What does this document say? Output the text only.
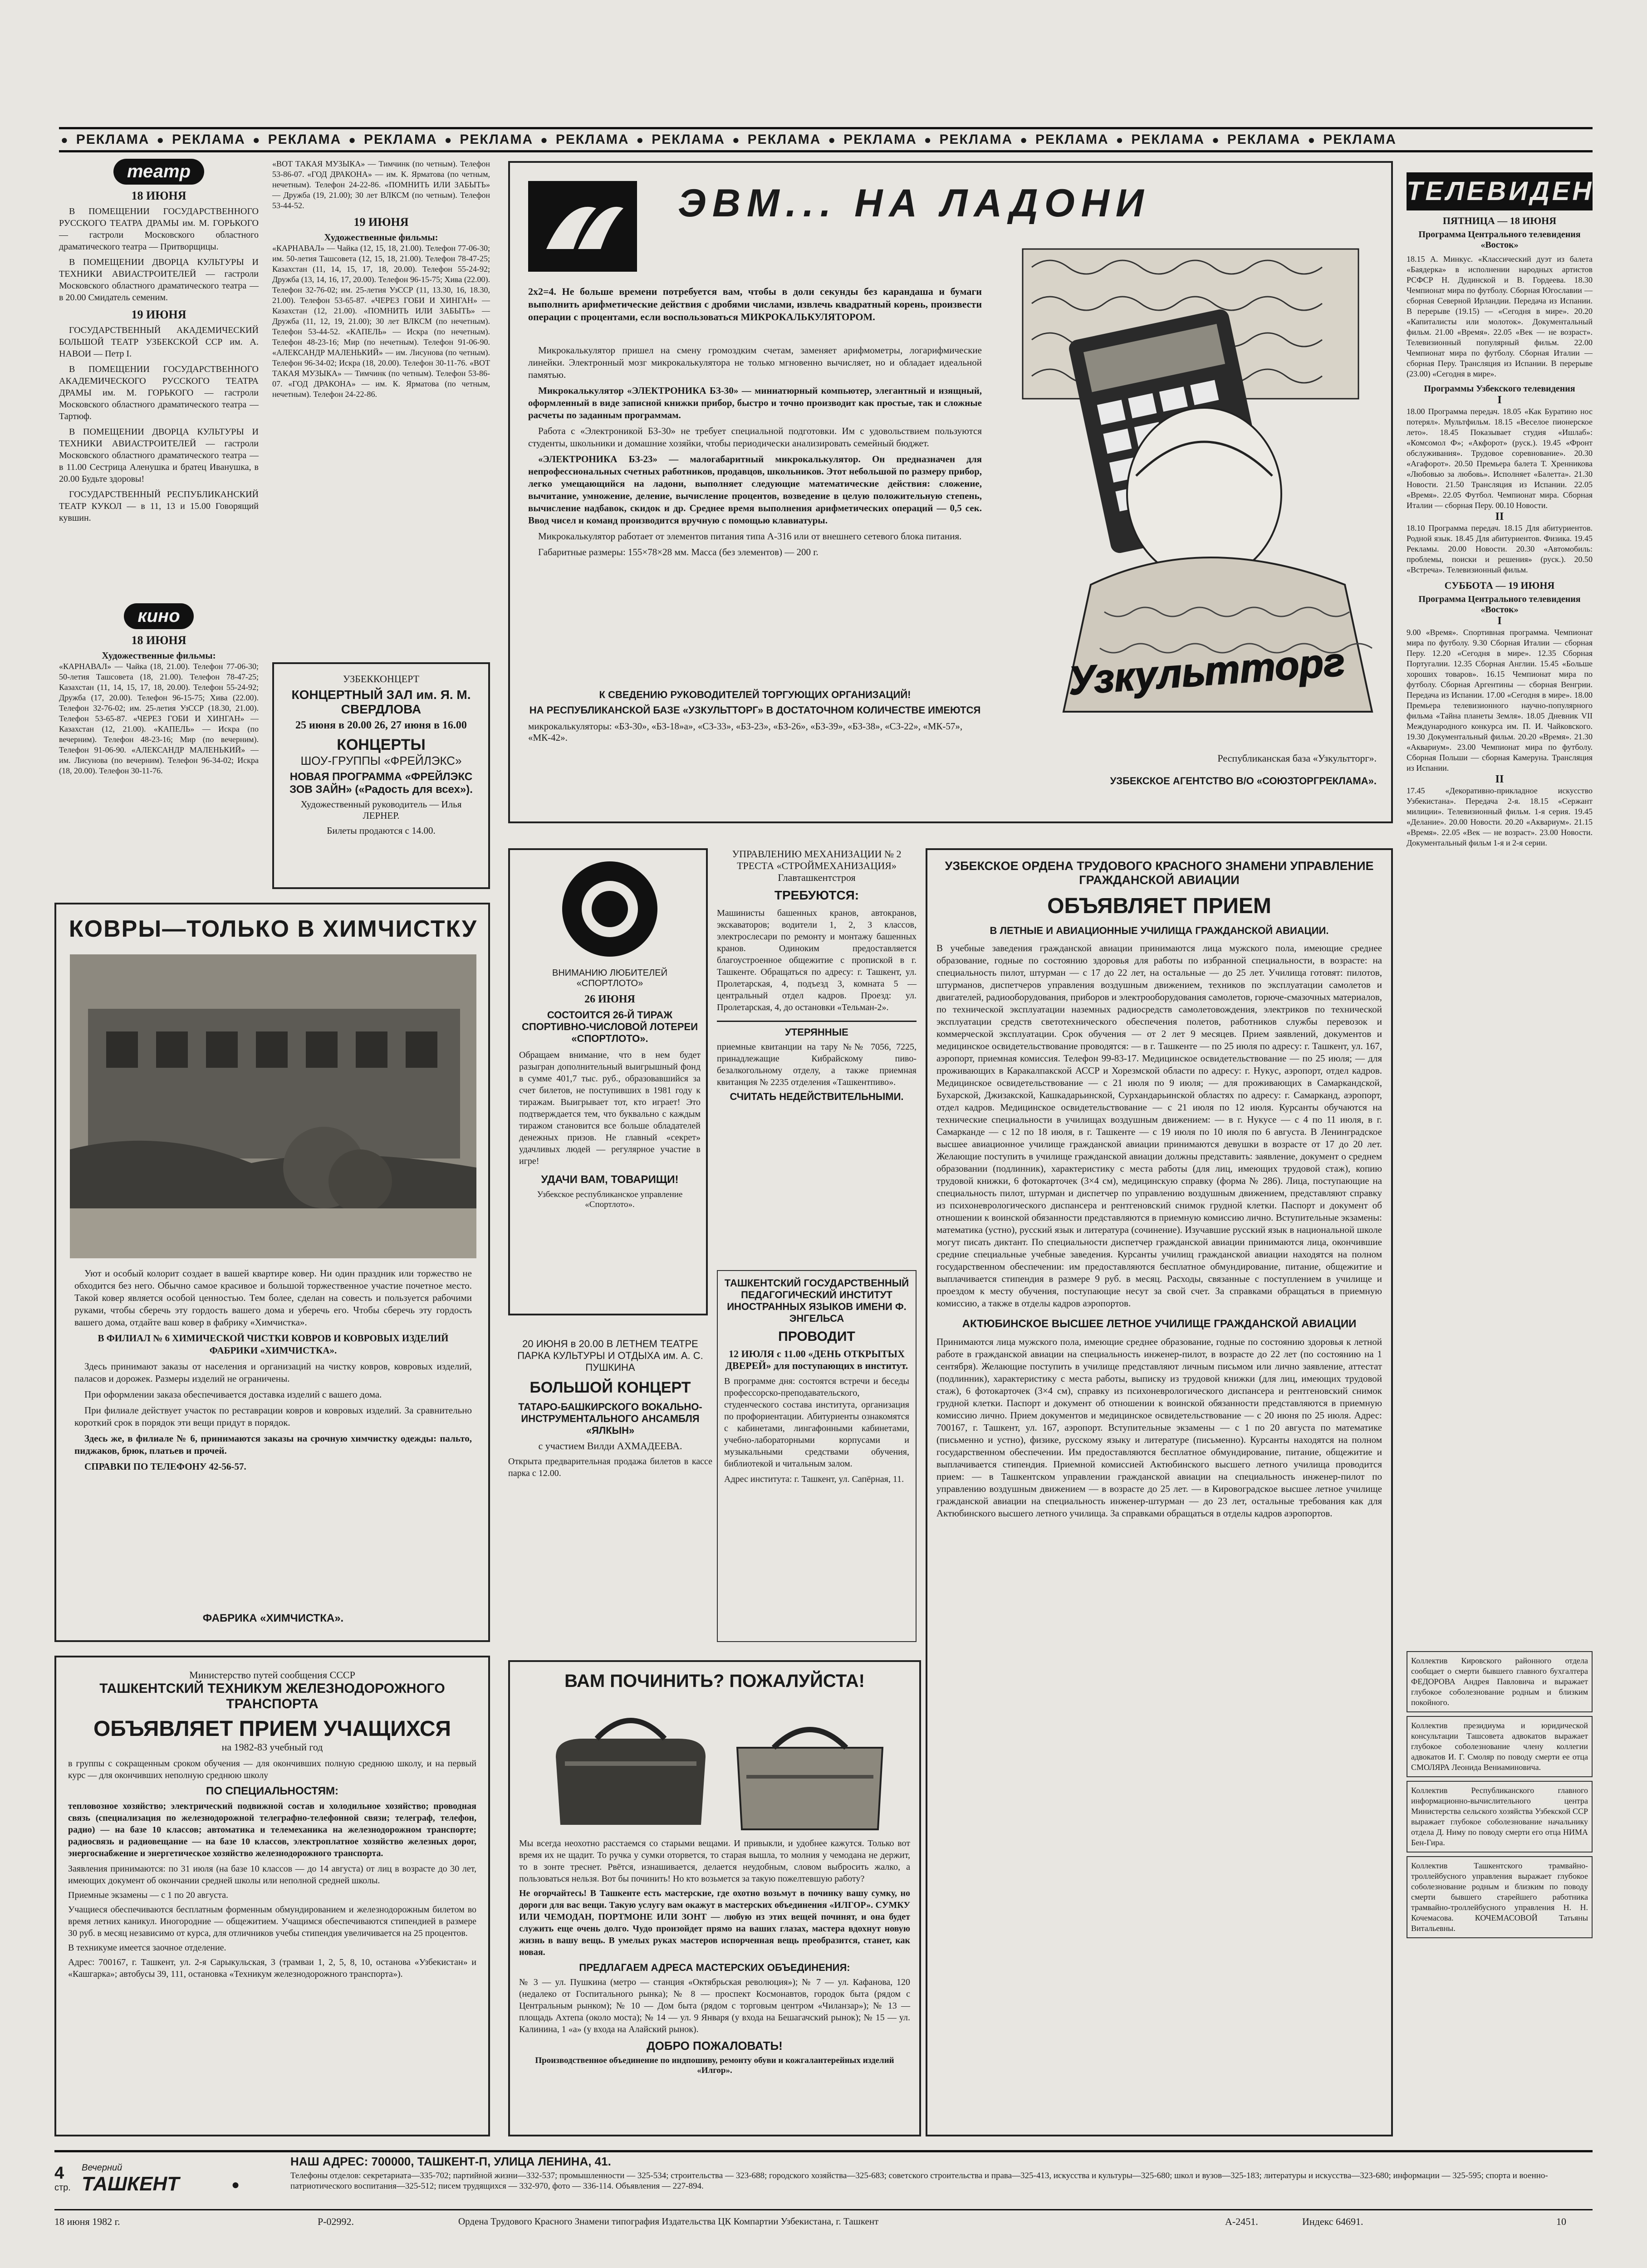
● РЕКЛАМА ● РЕКЛАМА ● РЕКЛАМА ● РЕКЛАМА ● РЕКЛАМА ● РЕКЛАМА ● РЕКЛАМА ● РЕКЛАМА ● РЕКЛАМА ● РЕКЛАМА ● РЕКЛАМА ● РЕКЛАМА ● РЕКЛАМА ● РЕКЛАМА
театр
18 ИЮНЯ

В ПОМЕЩЕНИИ ГОСУДАРСТВЕННОГО РУССКОГО ТЕАТРА ДРАМЫ им. М. ГОРЬКОГО — гастроли Московского областного драматического театра — Притворщицы.

В ПОМЕЩЕНИИ ДВОРЦА КУЛЬТУРЫ И ТЕХНИКИ АВИАСТРОИТЕЛЕЙ — гастроли Московского областного драматического театра — в 20.00 Смидатель семеним.

19 ИЮНЯ

ГОСУДАРСТВЕННЫЙ АКАДЕМИЧЕСКИЙ БОЛЬШОЙ ТЕАТР УЗБЕКСКОЙ ССР им. А. НАВОИ — Петр I.

В ПОМЕЩЕНИИ ГОСУДАРСТВЕННОГО АКАДЕМИЧЕСКОГО РУССКОГО ТЕАТРА ДРАМЫ им. М. ГОРЬКОГО — гастроли Московского областного драматического театра — Тартюф.

В ПОМЕЩЕНИИ ДВОРЦА КУЛЬТУРЫ И ТЕХНИКИ АВИАСТРОИТЕЛЕЙ — гастроли Московского областного драматического театра — в 11.00 Сестрица Аленушка и братец Иванушка, в 20.00 Будьте здоровы!

ГОСУДАРСТВЕННЫЙ РЕСПУБЛИКАНСКИЙ ТЕАТР КУКОЛ — в 11, 13 и 15.00 Говорящий кувшин.

кино
18 ИЮНЯ
Художественные фильмы:
«КАРНАВАЛ» — Чайка (18, 21.00). Телефон 77-06-30; 50-летия Ташсовета (18, 21.00). Телефон 78-47-25; Казахстан (11, 14, 15, 17, 18, 20.00). Телефон 55-24-92; Дружба (17, 20.00). Телефон 96-15-75; Хива (22.00). Телефон 32-76-02; им. 25-летия УзССР (18.30, 21.00). Телефон 53-65-87. «ЧЕРЕЗ ГОБИ И ХИНГАН» — Казахстан (12, 21.00). «КАПЕЛЬ» — Искра (по вечерним). Телефон 48-23-16; Мир (по вечерним). Телефон 91-06-90. «АЛЕКСАНДР МАЛЕНЬКИЙ» — им. Лисунова (по вечерним). Телефон 96-34-02; Искра (18, 20.00). Телефон 30-11-76.
«ВОТ ТАКАЯ МУЗЫКА» — Тимчинк (по четным). Телефон 53-86-07. «ГОД ДРАКОНА» — им. К. Ярматова (по четным, нечетным). Телефон 24-22-86. «ПОМНИТЬ ИЛИ ЗАБЫТЬ» — Дружба (19, 21.00); 30 лет ВЛКСМ (по четным). Телефон 53-44-52.
19 ИЮНЯ
Художественные фильмы:
«КАРНАВАЛ» — Чайка (12, 15, 18, 21.00). Телефон 77-06-30; им. 50-летия Ташсовета (12, 15, 18, 21.00). Телефон 78-47-25; Казахстан (11, 14, 15, 17, 18, 20.00). Телефон 55-24-92; Дружба (13, 14, 16, 17, 20.00). Телефон 96-15-75; Хива (22.00). Телефон 32-76-02; им. 25-летия УзССР (11, 13.30, 16, 18.30, 21.00). Телефон 53-65-87. «ЧЕРЕЗ ГОБИ И ХИНГАН» — Казахстан (12, 21.00). «ПОМНИТЬ ИЛИ ЗАБЫТЬ» — Дружба (11, 12, 19, 21.00); 30 лет ВЛКСМ (по нечетным). Телефон 53-44-52. «КАПЕЛЬ» — Искра (по нечетным). Телефон 48-23-16; Мир (по нечетным). Телефон 91-06-90. «АЛЕКСАНДР МАЛЕНЬКИЙ» — им. Лисунова (по четным). Телефон 96-34-02; Искра (18, 20.00). Телефон 30-11-76. «ВОТ ТАКАЯ МУЗЫКА» — Тимчинк (по четным). Телефон 53-86-07. «ГОД ДРАКОНА» — им. К. Ярматова (по четным, нечетным). Телефон 24-22-86.
УЗБЕККОНЦЕРТ
КОНЦЕРТНЫЙ ЗАЛ им. Я. М. СВЕРДЛОВА
25 июня в 20.00 26, 27 июня в 16.00
КОНЦЕРТЫ
ШОУ-ГРУППЫ «ФРЕЙЛЭКС»
НОВАЯ ПРОГРАММА «ФРЕЙЛЭКС ЗОВ ЗАЙН» («Радость для всех»).
Художественный руководитель — Илья ЛЕРНЕР.
Билеты продаются с 14.00.
ЭВМ... НА ЛАДОНИ
2х2=4. Не больше времени потребуется вам, чтобы в доли секунды без карандаша и бумаги выполнить арифметические действия с дробями числами, извлечь квадратный корень, произвести операции с процентами, если воспользоваться МИКРОКАЛЬКУЛЯТОРОМ.

Микрокалькулятор пришел на смену громоздким счетам, заменяет арифмометры, логарифмические линейки. Электронный мозг микрокалькулятора не только мгновенно вычисляет, но и обладает идеальной памятью.

Микрокалькулятор «ЭЛЕКТРОНИКА БЗ-30» — миниатюрный компьютер, элегантный и изящный, оформленный в виде записной книжки прибор, быстро и точно производит как простые, так и сложные расчеты по заданным программам.

Работа с «Электроникой БЗ-30» не требует специальной подготовки. Им с удовольствием пользуются студенты, школьники и домашние хозяйки, чтобы периодически анализировать семейный бюджет.

«ЭЛЕКТРОНИКА БЗ-23» — малогабаритный микрокалькулятор. Он предназначен для непрофессиональных счетных работников, продавцов, школьников. Этот небольшой по размеру прибор, легко умещающийся на ладони, выполняет следующие математические действия: сложение, вычитание, умножение, деление, вычисление процентов, возведение в целую положительную степень, вычисление надбавок, скидок и др. Среднее время выполнения арифметических операций — 0,5 сек. Ввод чисел и команд производится вручную с помощью клавиатуры.

Микрокалькулятор работает от элементов питания типа А-316 или от внешнего сетевого блока питания.

Габаритные размеры: 155×78×28 мм. Масса (без элементов) — 200 г.

К СВЕДЕНИЮ РУКОВОДИТЕЛЕЙ ТОРГУЮЩИХ ОРГАНИЗАЦИЙ!
НА РЕСПУБЛИКАНСКОЙ БАЗЕ «УЗКУЛЬТТОРГ» В ДОСТАТОЧНОМ КОЛИЧЕСТВЕ ИМЕЮТСЯ
микрокалькуляторы: «БЗ-30», «БЗ-18»а», «СЗ-33», «БЗ-23», «БЗ-26», «БЗ-39», «БЗ-38», «СЗ-22», «МК-57», «МК-42».
Узкультторг
Республиканская база «Узкультторг».
УЗБЕКСКОЕ АГЕНТСТВО В/О «СОЮЗТОРГРЕКЛАМА».
ТЕЛЕВИДЕНИЕ
ПЯТНИЦА — 18 ИЮНЯ
Программа Центрального телевидения «Восток»
18.15 А. Минкус. «Классический дуэт из балета «Баядерка» в исполнении народных артистов РСФСР Н. Дудинской и В. Гордеева. 18.30 Чемпионат мира по футболу. Сборная Югославии — сборная Северной Ирландии. Передача из Испании. В перерыве (19.15) — «Сегодня в мире». 20.20 «Капиталисты или молоток». Документальный фильм. 21.00 «Время». 22.05 «Век — не возраст». Телевизионный популярный фильм. 22.00 Чемпионат мира по футболу. Сборная Италии — сборная Перу. Трансляция из Испании. В перерыве (23.00) «Сегодня в мире».
Программы Узбекского телевидения
I
18.00 Программа передач. 18.05 «Как Буратино нос потерял». Мультфильм. 18.15 «Веселое пионерское лето». 18.45 Показывает студия «Ишлаб»: «Комсомол Ф»; «Акфорот» (руск.). 19.45 «Фронт обслуживания». Трудовое соревнование». 20.30 «Агафорот». 20.50 Премьера балета Т. Хренникова «Любовью за любовь». Исполняет «Балетта». 21.30 Новости. 21.50 Трансляция из Испании. 22.05 «Время». 22.05 Футбол. Чемпионат мира. Сборная Италии — сборная Перу. 00.10 Новости.
II
18.10 Программа передач. 18.15 Для абитуриентов. Родной язык. 18.45 Для абитуриентов. Физика. 19.45 Рекламы. 20.00 Новости. 20.30 «Автомобиль: проблемы, поиски и решения» (руск.). 20.50 «Встреча». Телевизионный фильм.
СУББОТА — 19 ИЮНЯ
Программа Центрального телевидения «Восток»
I
9.00 «Время». Спортивная программа. Чемпионат мира по футболу. 9.30 Сборная Италии — сборная Перу. 12.20 «Сегодня в мире». 12.35 Сборная Португалии. 12.35 Сборная Англии. 15.45 «Больше хороших товаров». 16.15 Чемпионат мира по футболу. Сборная Аргентины — сборная Венгрии. Передача из Испании. 17.00 «Сегодня в мире». 18.00 Премьера телевизионного научно-популярного фильма «Тайна планеты Земля». 18.05 Дневник VII Международного конкурса им. П. И. Чайковского. 19.30 Документальный фильм. 20.20 «Время». 21.30 «Аквариум». 23.00 Чемпионат мира по футболу. Сборная Польши — сборная Камеруна. Трансляция из Испании.
II
17.45 «Декоративно-прикладное искусство Узбекистана». Передача 2-я. 18.15 «Сержант милиции». Телевизионный фильм. 1-я серия. 19.45 «Делание». 20.00 Новости. 20.20 «Аквариум». 21.15 «Время». 22.05 «Век — не возраст». 23.00 Новости. Документальный фильм 1-я и 2-я серии.
Коллектив Кировского районного отдела сообщает о смерти бывшего главного бухгалтера ФЕДОРОВА Андрея Павловича и выражает глубокое соболезнование родным и близким покойного.
Коллектив президиума и юридической консультации Ташсовета адвокатов выражает глубокое соболезнование члену коллегии адвокатов И. Г. Смоляр по поводу смерти ее отца СМОЛЯРА Леонида Вениаминовича.
Коллектив Республиканского главного информационно-вычислительного центра Министерства сельского хозяйства Узбекской ССР выражает глубокое соболезнование начальнику отдела Д. Ниму по поводу смерти его отца НИМА Бен-Гира.
Коллектив Ташкентского трамвайно-троллейбусного управления выражает глубокое соболезнование родным и близким по поводу смерти бывшего старейшего работника трамвайно-троллейбусного управления Н. Н. Кочемасова. КОЧЕМАСОВОЙ Татьяны Витальевны.
КОВРЫ—ТОЛЬКО В ХИМЧИСТКУ

Уют и особый колорит создает в вашей квартире ковер. Ни один праздник или торжество не обходится без него. Обычно самое красивое и большой торжественное участие почетное место. Такой ковер является особой ценностью. Тем более, сделан на совесть и пользуется рабочими руками, чтобы сберечь эту гордость вашего дома и уберечь его. Чтобы сберечь эту гордость вашего дома, отдайте ваш ковер в фабрику «Химчистка».

В ФИЛИАЛ № 6 ХИМИЧЕСКОЙ ЧИСТКИ КОВРОВ И КОВРОВЫХ ИЗДЕЛИЙ ФАБРИКИ «ХИМЧИСТКА».

Здесь принимают заказы от населения и организаций на чистку ковров, ковровых изделий, паласов и дорожек. Размеры изделий не ограничены.

При оформлении заказа обеспечивается доставка изделий с вашего дома.

При филиале действует участок по реставрации ковров и ковровых изделий. За сравнительно короткий срок в порядок эти вещи придут в порядок.

Здесь же, в филиале № 6, принимаются заказы на срочную химчистку одежды: пальто, пиджаков, брюк, платьев и прочей.

СПРАВКИ ПО ТЕЛЕФОНУ 42-56-57.

ФАБРИКА «ХИМЧИСТКА».
ВНИМАНИЮ ЛЮБИТЕЛЕЙ «СПОРТЛОТО»
26 ИЮНЯ
СОСТОИТСЯ 26-Й ТИРАЖ СПОРТИВНО-ЧИСЛОВОЙ ЛОТЕРЕИ «СПОРТЛОТО».
Обращаем внимание, что в нем будет разыгран дополнительный выигрышный фонд в сумме 401,7 тыс. руб., образовавшийся за счет билетов, не поступивших в 1981 году к тиражам. Выигрывает тот, кто играет! Это подтверждается тем, что буквально с каждым тиражом становится все больше обладателей денежных призов. Не главный «секрет» удачливых людей — регулярное участие в игре!
УДАЧИ ВАМ, ТОВАРИЩИ!
Узбекское республиканское управление «Спортлото».
УПРАВЛЕНИЮ МЕХАНИЗАЦИИ № 2 ТРЕСТА «СТРОЙМЕХАНИЗАЦИЯ» Главташкентстроя
ТРЕБУЮТСЯ:
Машинисты башенных кранов, автокранов, экскаваторов; водители 1, 2, 3 классов, электрослесари по ремонту и монтажу башенных кранов. Одиноким предоставляется благоустроенное общежитие с пропиской в г. Ташкенте. Обращаться по адресу: г. Ташкент, ул. Пролетарская, 4, подъезд 3, комната 5 — центральный отдел кадров. Проезд: ул. Пролетарская, 4, до остановки «Тельман-2».
УТЕРЯННЫЕ
приемные квитанции на тару №№ 7056, 7225, принадлежащие Кибрайскому пиво-безалкогольному отделу, а также приемная квитанция № 2235 отделения «Ташкентпиво».
СЧИТАТЬ НЕДЕЙСТВИТЕЛЬНЫМИ.
20 ИЮНЯ в 20.00 В ЛЕТНЕМ ТЕАТРЕ ПАРКА КУЛЬТУРЫ И ОТДЫХА им. А. С. ПУШКИНА
БОЛЬШОЙ КОНЦЕРТ
ТАТАРО-БАШКИРСКОГО ВОКАЛЬНО-ИНСТРУМЕНТАЛЬНОГО АНСАМБЛЯ «ЯЛКЫН»
с участием Вилди АХМАДЕЕВА.
Открыта предварительная продажа билетов в кассе парка с 12.00.
ТАШКЕНТСКИЙ ГОСУДАРСТВЕННЫЙ ПЕДАГОГИЧЕСКИЙ ИНСТИТУТ ИНОСТРАННЫХ ЯЗЫКОВ ИМЕНИ Ф. ЭНГЕЛЬСА
ПРОВОДИТ
12 ИЮЛЯ с 11.00 «ДЕНЬ ОТКРЫТЫХ ДВЕРЕЙ» для поступающих в институт.
В программе дня: состоятся встречи и беседы профессорско-преподавательского, студенческого состава института, организация по профориентации. Абитуриенты ознакомятся с кабинетами, лингафонными кабинетами, учебно-лабораторными корпусами и музыкальными средствами обучения, библиотекой и читальным залом.
Адрес института: г. Ташкент, ул. Сапёрная, 11.
УЗБЕКСКОЕ ОРДЕНА ТРУДОВОГО КРАСНОГО ЗНАМЕНИ УПРАВЛЕНИЕ ГРАЖДАНСКОЙ АВИАЦИИ
ОБЪЯВЛЯЕТ ПРИЕМ
В ЛЕТНЫЕ И АВИАЦИОННЫЕ УЧИЛИЩА ГРАЖДАНСКОЙ АВИАЦИИ.
В учебные заведения гражданской авиации принимаются лица мужского пола, имеющие среднее образование, годные по состоянию здоровья для работы по избранной специальности, в возрасте: на специальность пилот, штурман — с 17 до 22 лет, на остальные — до 25 лет. Училища готовят: пилотов, штурманов, диспетчеров управления воздушным движением, техников по эксплуатации самолетов и двигателей, радиооборудования, приборов и электрооборудования самолетов, горюче-смазочных материалов, по технической эксплуатации наземных радиосредств самолетовождения, электриков по технической эксплуатации средств светотехнического обеспечения полетов, работников службы перевозок и коммерческой эксплуатации. Срок обучения — от 2 лет 9 месяцев. Прием заявлений, документов и медицинское освидетельствование проводятся: — в г. Ташкенте — по 25 июля по адресу: г. Ташкент, ул. 167, аэропорт, приемная комиссия. Телефон 99-83-17. Медицинское освидетельствование — по 25 июля; — для проживающих в Каракалпакской АССР и Хорезмской области по адресу: г. Нукус, аэропорт, отдел кадров. Медицинское освидетельствование — с 21 июля по 9 июля; — для проживающих в Самаркандской, Бухарской, Джизакской, Кашкадарьинской, Сурхандарьинской областях по адресу: г. Самарканд, аэропорт, отдел кадров. Медицинское освидетельствование — с 21 июля по 12 июля. Курсанты обучаются на технические специальности в училищах воздушным движением: — в г. Нукусе — с 4 по 11 июля, в г. Самарканде — с 12 по 18 июля, в г. Ташкенте — с 19 июля по 10 июля по 6 августа. В Ленинградское высшее авиационное училище гражданской авиации принимаются девушки в возрасте от 17 до 20 лет. Желающие поступить в училище гражданской авиации должны представить: заявление, документ о среднем образовании (подлинник), характеристику с места работы (для лиц, имеющих трудовой стаж), копию трудовой книжки, 6 фотокарточек (3×4 см), медицинскую справку (форма № 286). Лица, поступающие на специальность пилот, штурман и диспетчер по управлению воздушным движением, представляют справку из психоневрологического диспансера и рентгеновский снимок грудной клетки. Паспорт и документ об отношении к воинской обязанности представляются в приемную комиссию лично. Вступительные экзамены: математика (устно), русский язык и литература (сочинение). Изучавшие русский язык в национальной школе могут писать диктант. По специальности диспетчер гражданской авиации принимаются лица, окончившие средние специальные учебные заведения. Курсанты училищ гражданской авиации находятся на полном государственном обеспечении: им предоставляются бесплатное обмундирование, питание, общежитие и выплачивается стипендия в размере 9 руб. в месяц. Расходы, связанные с поступлением в училище и проездом к месту обучения, поступающие несут за свой счет. За справками обращаться в приемную комиссию, а также в отделы кадров аэропортов.
АКТЮБИНСКОЕ ВЫСШЕЕ ЛЕТНОЕ УЧИЛИЩЕ ГРАЖДАНСКОЙ АВИАЦИИ
Принимаются лица мужского пола, имеющие среднее образование, годные по состоянию здоровья к летной работе в гражданской авиации на специальность инженер-пилот, в возрасте до 22 лет (по состоянию на 1 сентября). Желающие поступить в училище представляют личным письмом или лично заявление, аттестат (подлинник), характеристику с места работы, выписку из трудовой книжки (для лиц, имеющих трудовой стаж), 6 фотокарточек (3×4 см), справку из психоневрологического диспансера и рентгеновский снимок грудной клетки. Паспорт и документ об отношении к воинской обязанности представляются в приемную комиссию лично. Прием документов и медицинское освидетельствование — с 20 июня по 25 июля. Адрес: 700167, г. Ташкент, ул. 167, аэропорт. Вступительные экзамены — с 1 по 20 августа по математике (письменно и устно), физике, русскому языку и литературе (письменно). Курсанты находятся на полном государственном обеспечении. Им предоставляются бесплатное обмундирование, питание, общежитие и выплачивается стипендия. Приемной комиссией Актюбинского высшего летного училища проводится прием: — в Ташкентском управлении гражданской авиации на специальность инженер-пилот по управлению воздушным движением — в возрасте до 25 лет. — в Кировоградское высшее летное училище гражданской авиации на специальность инженер-штурман — до 23 лет, остальные требования как для Актюбинского высшего летного училища. За справками обращаться в отделы кадров аэропортов.
Министерство путей сообщения СССР
ТАШКЕНТСКИЙ ТЕХНИКУМ ЖЕЛЕЗНОДОРОЖНОГО ТРАНСПОРТА
ОБЪЯВЛЯЕТ ПРИЕМ УЧАЩИХСЯ
на 1982-83 учебный год
в группы с сокращенным сроком обучения — для окончивших полную среднюю школу, и на первый курс — для окончивших неполную среднюю школу
ПО СПЕЦИАЛЬНОСТЯМ:
тепловозное хозяйство; электрический подвижной состав и холодильное хозяйство; проводная связь (специализация по железнодорожной телеграфно-телефонной связи; телеграф, телефон, радио) — на базе 10 классов; автоматика и телемеханика на железнодорожном транспорте; радиосвязь и радиовещание — на базе 10 классов, электроплатное хозяйство железных дорог, энергоснабжение и энергетическое хозяйство железнодорожного транспорта.
Заявления принимаются: по 31 июля (на базе 10 классов — до 14 августа) от лиц в возрасте до 30 лет, имеющих документ об окончании средней школы или неполной средней школы.
Приемные экзамены — с 1 по 20 августа.
Учащиеся обеспечиваются бесплатным форменным обмундированием и железнодорожным билетом во время летних каникул. Иногородние — общежитием. Учащимся обеспечиваются стипендией в размере 30 руб. в месяц независимо от курса, для отличников учебы стипендия увеличивается на 25 процентов.
В техникуме имеется заочное отделение.
Адрес: 700167, г. Ташкент, ул. 2-я Сарыкульская, 3 (трамваи 1, 2, 5, 8, 10, останова «Узбекистан» и «Кашгарка»; автобусы 39, 111, остановка «Техникум железнодорожного транспорта»).
ВАМ ПОЧИНИТЬ? ПОЖАЛУЙСТА!
Мы всегда неохотно расстаемся со старыми вещами. И привыкли, и удобнее кажутся. Только вот время их не щадит. То ручка у сумки оторвется, то старая вышла, то молния у чемодана не держит, то в зонте треснет. Рвётся, изнашивается, делается неудобным, словом выбросить жалко, а пользоваться нельзя. Вот бы починить! Но кто возьмется за такую пожелтевшую работу?
Не огорчайтесь! В Ташкенте есть мастерские, где охотно возьмут в починку вашу сумку, но дороги для вас вещи. Такую услугу вам окажут в мастерских объединения «ИЛГОР». СУМКУ ИЛИ ЧЕМОДАН, ПОРТМОНЕ ИЛИ ЗОНТ — любую из этих вещей починят, и она будет служить еще очень долго. Чудо произойдет прямо на ваших глазах, мастера вдохнут новую жизнь в вашу вещь. В умелых руках мастеров испорченная вещь преобразится, станет, как новая.
ПРЕДЛАГАЕМ АДРЕСА МАСТЕРСКИХ ОБЪЕДИНЕНИЯ:
№ 3 — ул. Пушкина (метро — станция «Октябрьская революция»); № 7 — ул. Кафанова, 120 (недалеко от Госпитального рынка); № 8 — проспект Космонавтов, городок быта (рядом с Центральным рынком); № 10 — Дом быта (рядом с торговым центром «Чиланзар»); № 13 — площадь Ахтепа (около моста); № 14 — ул. 9 Января (у входа на Бешагачский рынок); № 15 — ул. Калинина, 1 «а» (у входа на Алайский рынок).
ДОБРО ПОЖАЛОВАТЬ!
Производственное объединение по индпошиву, ремонту обуви и кожгалантерейных изделий «Илгор».
4
стр.
Вечерний
ТАШКЕНТ	●
НАШ АДРЕС: 700000, ТАШКЕНТ-П, УЛИЦА ЛЕНИНА, 41.
Телефоны отделов: секретариата—335-702; партийной жизни—332-537; промышленности — 325-534; строительства — 323-688; городского хозяйства—325-683; советского строительства и права—325-413, искусства и культуры—325-680; школ и вузов—325-183; литературы и искусства—323-680; информации — 325-595; спорта и военно-патриотического воспитания—325-512; писем трудящихся — 332-970, фото — 336-114. Объявления — 227-894.
18 июня 1982 г.	Р-02992.	Ордена Трудового Красного Знамени типография Издательства ЦК Компартии Узбекистана, г. Ташкент	А-2451.	Индекс 64691.	10
